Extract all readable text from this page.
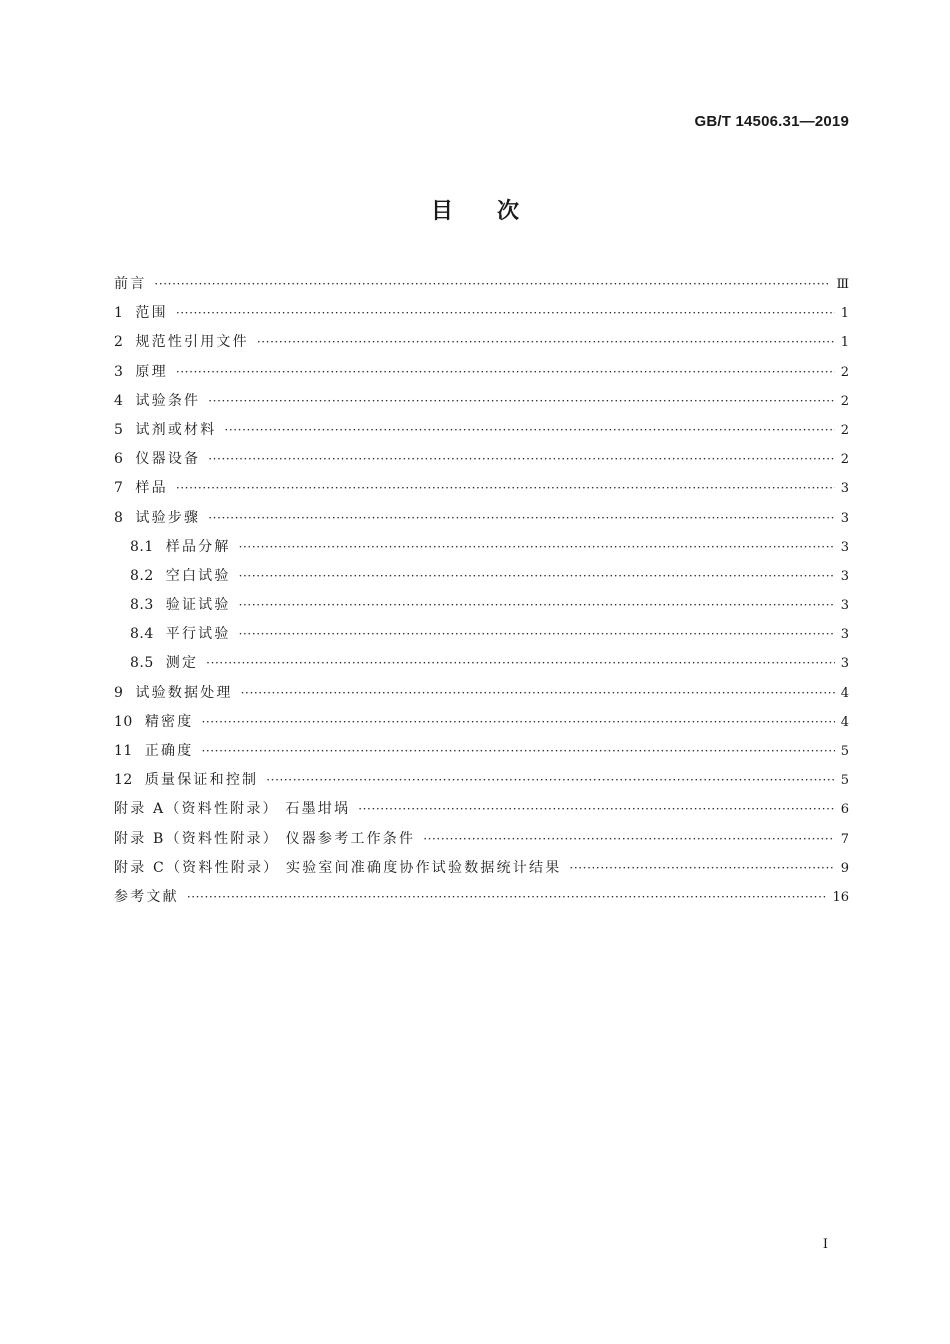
GB/T 14506.31—2019
目次
前言 ·····	Ⅲ
1 范围 ·····	1
2 规范性引用文件 ·····	1
3 原理 ·····	2
4 试验条件 ·····	2
5 试剂或材料 ·····	2
6 仪器设备 ·····	2
7 样品 ·····	3
8 试验步骤 ·····	3
8.1 样品分解 ·····	3
8.2 空白试验 ·····	3
8.3 验证试验 ·····	3
8.4 平行试验 ·····	3
8.5 测定 ·····	3
9 试验数据处理 ·····	4
10 精密度 ·····	4
11 正确度 ·····	5
12 质量保证和控制 ·····	5
附录 A（资料性附录） 石墨坩埚 ·····	6
附录 B（资料性附录） 仪器参考工作条件 ·····	7
附录 C（资料性附录） 实验室间准确度协作试验数据统计结果 ·····	9
参考文献 ·····	16
Ⅰ
